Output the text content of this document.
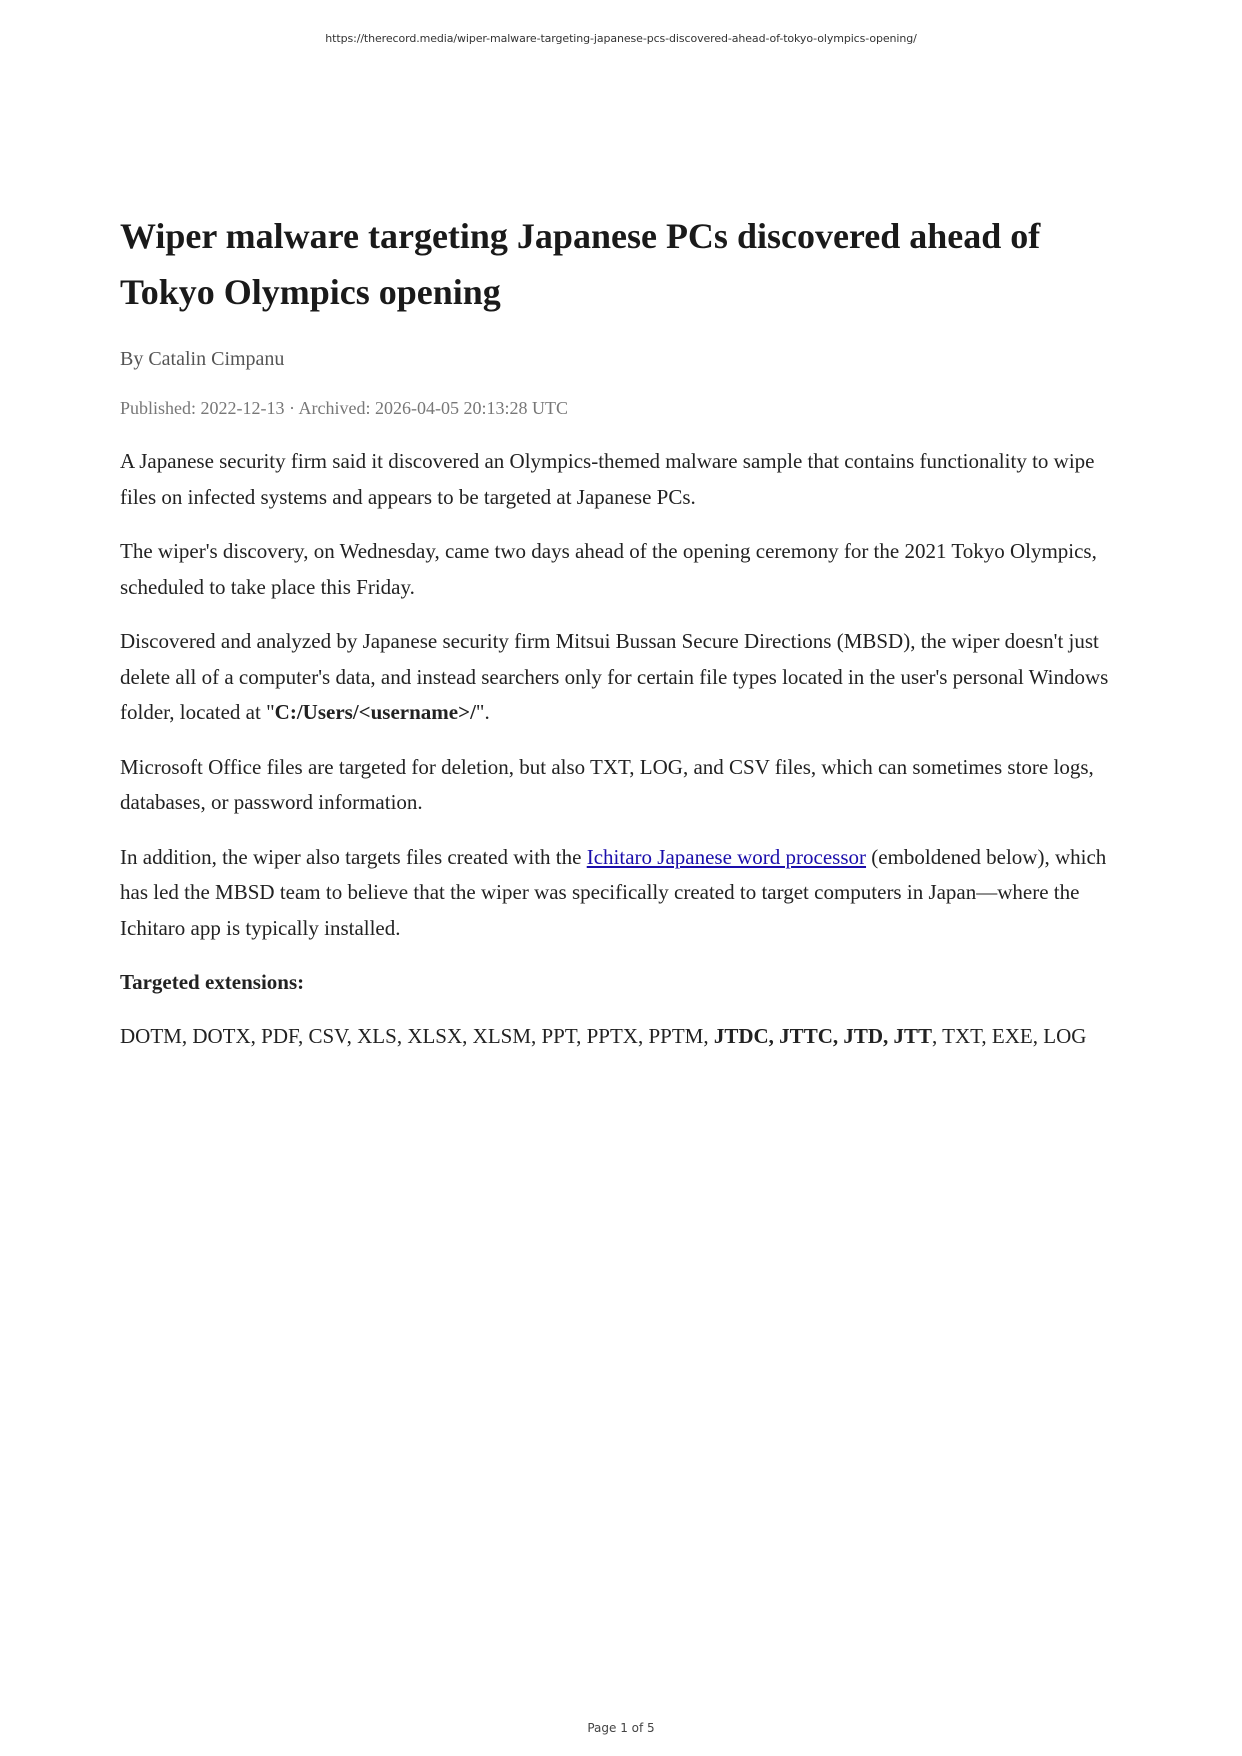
https://therecord.media/wiper-malware-targeting-japanese-pcs-discovered-ahead-of-tokyo-olympics-opening/
Wiper malware targeting Japanese PCs discovered ahead of Tokyo Olympics opening
By Catalin Cimpanu
Published: 2022-12-13 · Archived: 2026-04-05 20:13:28 UTC

A Japanese security firm said it discovered an Olympics-themed malware sample that contains functionality to wipe files on infected systems and appears to be targeted at Japanese PCs.

The wiper's discovery, on Wednesday, came two days ahead of the opening ceremony for the 2021 Tokyo Olympics, scheduled to take place this Friday.

Discovered and analyzed by Japanese security firm Mitsui Bussan Secure Directions (MBSD), the wiper doesn't just delete all of a computer's data, and instead searchers only for certain file types located in the user's personal Windows folder, located at "C:/Users/<username>/".

Microsoft Office files are targeted for deletion, but also TXT, LOG, and CSV files, which can sometimes store logs, databases, or password information.

In addition, the wiper also targets files created with the Ichitaro Japanese word processor (emboldened below), which has led the MBSD team to believe that the wiper was specifically created to target computers in Japan—where the Ichitaro app is typically installed.

Targeted extensions:

DOTM, DOTX, PDF, CSV, XLS, XLSX, XLSM, PPT, PPTX, PPTM, JTDC, JTTC, JTD, JTT, TXT, EXE, LOG

Page 1 of 5
